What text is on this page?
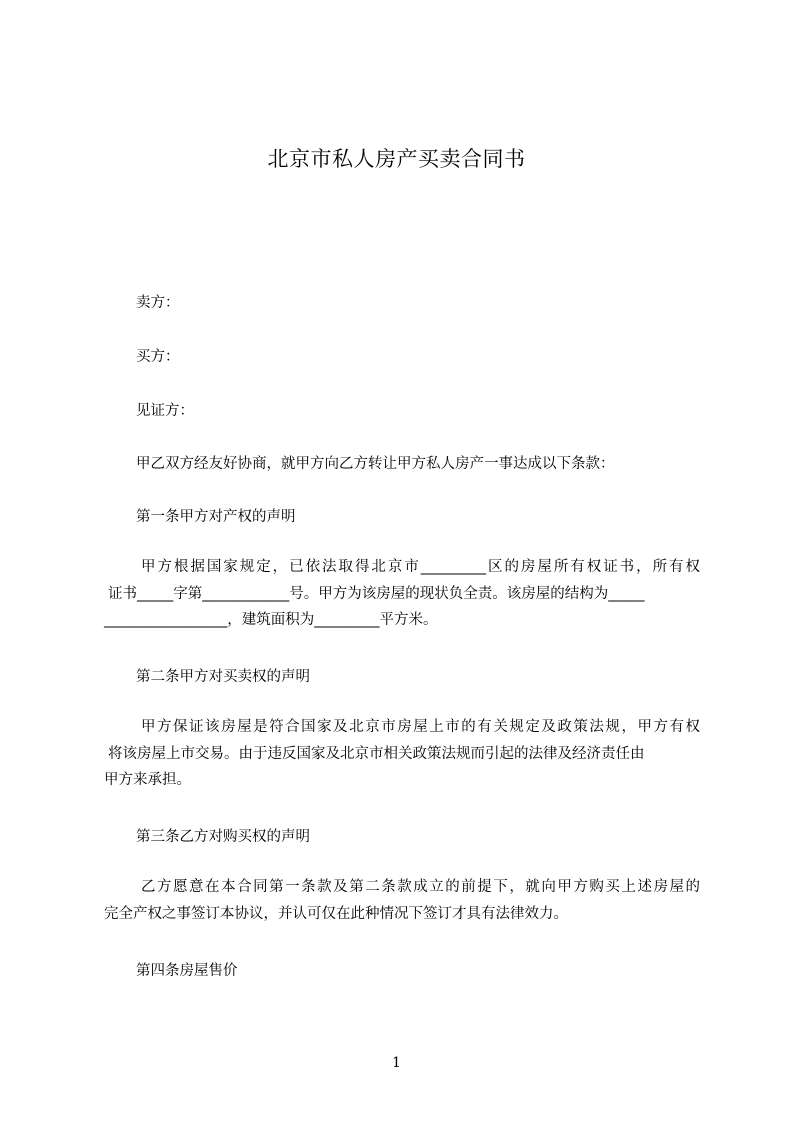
北京市私人房产买卖合同书
卖方：
买方：
见证方：
甲乙双方经友好协商，就甲方向乙方转让甲方私人房产一事达成以下条款：
第一条甲方对产权的声明
甲方根据国家规定，已依法取得北京市_________区的房屋所有权证书，所有权
证书_____字第____________号。甲方为该房屋的现状负全责。该房屋的结构为_____
_________________，建筑面积为_________平方米。
第二条甲方对买卖权的声明
甲方保证该房屋是符合国家及北京市房屋上市的有关规定及政策法规，甲方有权
将该房屋上市交易。由于违反国家及北京市相关政策法规而引起的法律及经济责任由
甲方来承担。
第三条乙方对购买权的声明
乙方愿意在本合同第一条款及第二条款成立的前提下，就向甲方购买上述房屋的
完全产权之事签订本协议，并认可仅在此种情况下签订才具有法律效力。
第四条房屋售价
1
